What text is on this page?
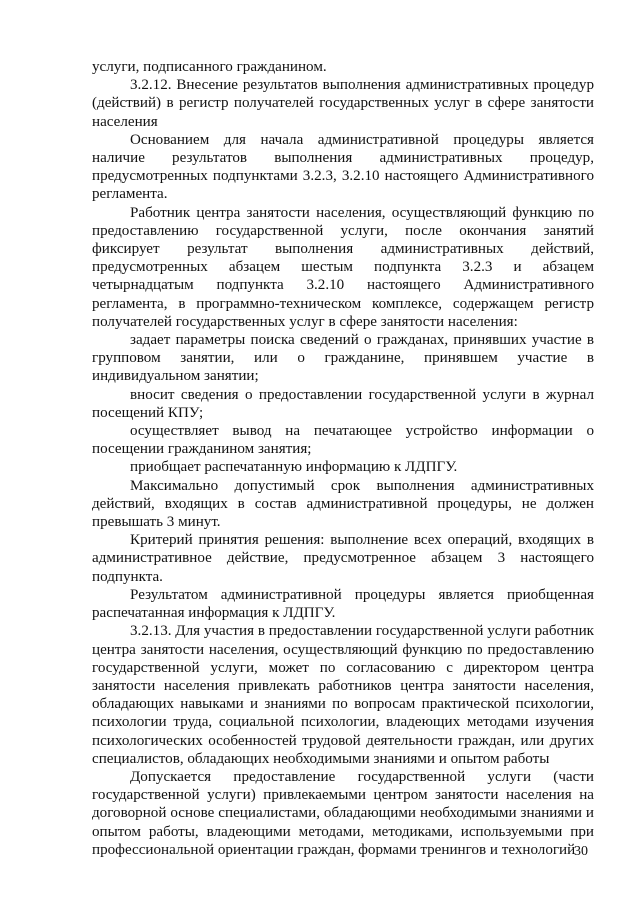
услуги, подписанного гражданином.

3.2.12. Внесение результатов выполнения административных процедур (действий) в регистр получателей государственных услуг в сфере занятости населения

Основанием для начала административной процедуры является наличие результатов выполнения административных процедур, предусмотренных подпунктами 3.2.3, 3.2.10 настоящего Административного регламента.

Работник центра занятости населения, осуществляющий функцию по предоставлению государственной услуги, после окончания занятий фиксирует результат выполнения административных действий, предусмотренных абзацем шестым подпункта 3.2.3 и абзацем четырнадцатым подпункта 3.2.10 настоящего Административного регламента, в программно-техническом комплексе, содержащем регистр получателей государственных услуг в сфере занятости населения:

задает параметры поиска сведений о гражданах, принявших участие в групповом занятии, или о гражданине, принявшем участие в индивидуальном занятии;

вносит сведения о предоставлении государственной услуги в журнал посещений КПУ;

осуществляет вывод на печатающее устройство информации о посещении гражданином занятия;

приобщает распечатанную информацию к ЛДПГУ.

Максимально допустимый срок выполнения административных действий, входящих в состав административной процедуры, не должен превышать 3 минут.

Критерий принятия решения: выполнение всех операций, входящих в административное действие, предусмотренное абзацем 3 настоящего подпункта.

Результатом административной процедуры является приобщенная распечатанная информация к ЛДПГУ.

3.2.13. Для участия в предоставлении государственной услуги работник центра занятости населения, осуществляющий функцию по предоставлению государственной услуги, может по согласованию с директором центра занятости населения привлекать работников центра занятости населения, обладающих навыками и знаниями по вопросам практической психологии, психологии труда, социальной психологии, владеющих методами изучения психологических особенностей трудовой деятельности граждан, или других специалистов, обладающих необходимыми знаниями и опытом работы

Допускается предоставление государственной услуги (части государственной услуги) привлекаемыми центром занятости населения на договорной основе специалистами, обладающими необходимыми знаниями и опытом работы, владеющими методами, методиками, используемыми при профессиональной ориентации граждан, формами тренингов и технологий

30
